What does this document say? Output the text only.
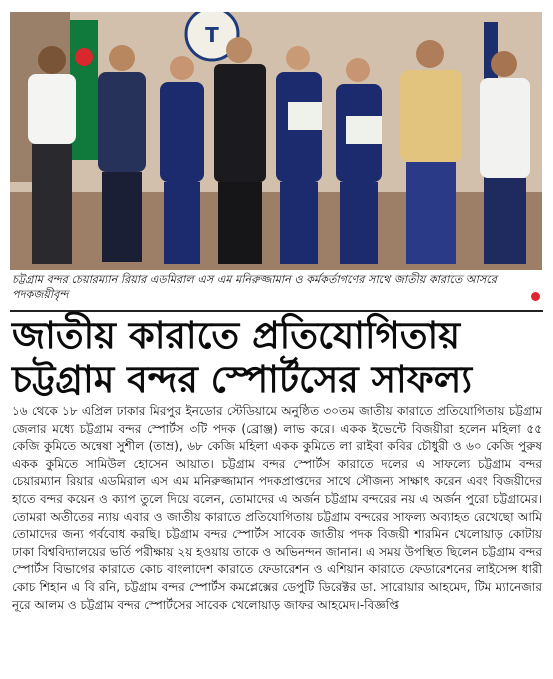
T
চট্টগ্রাম বন্দর চেয়ারম্যান রিয়ার এডমিরাল এস এম মনিরুজ্জামান ও কর্মকর্তাগণের সাথে জাতীয় কারাতে আসরে পদকজয়ীবৃন্দ
জাতীয় কারাতে প্রতিযোগিতায়
চট্টগ্রাম বন্দর স্পোর্টসের সাফল্য
১৬ থেকে ১৮ এপ্রিল ঢাকার মিরপুর ইনডোর স্টেডিয়ামে অনুষ্ঠিত ৩০তম জাতীয় কারাতে প্রতিযোগিতায় চট্টগ্রাম জেলার মধ্যে চট্টগ্রাম বন্দর স্পোর্টস ৩টি পদক (ব্রোঞ্জ) লাভ করে। একক ইভেন্টে বিজয়ীরা হলেন মহিলা ৫৫ কেজি কুমিতে অন্বেষা সুশীল (তাম্র), ৬৮ কেজি মহিলা একক কুমিতে লা রাইবা কবির চৌধুরী ও ৬০ কেজি পুরুষ একক কুমিতে সামিউল হোসেন আয়াত। চট্টগ্রাম বন্দর স্পোর্টস কারাতে দলের এ সাফল্যে চট্টগ্রাম বন্দর চেয়ারম্যান রিয়ার এডমিরাল এস এম মনিরুজ্জামান পদকপ্রাপ্তদের সাথে সৌজন্য সাক্ষাৎ করেন এবং বিজয়ীদের হাতে বন্দর কয়েন ও ক্যাপ তুলে দিয়ে বলেন, তোমাদের এ অর্জন চট্টগ্রাম বন্দরের নয় এ অর্জন পুরো চট্টগ্রামের। তোমরা অতীতের ন্যায় এবার ও জাতীয় কারাতে প্রতিযোগিতায় চট্টগ্রাম বন্দরের সাফল্য অব্যাহত রেখেছো আমি তোমাদের জন্য গর্ববোধ করছি। চট্টগ্রাম বন্দর স্পোর্টস সাবেক জাতীয় পদক বিজয়ী শারমিন খেলোয়াড় কোটায় ঢাকা বিশ্ববিদ্যালয়ের ভর্তি পরীক্ষায় ২য় হওয়ায় তাকে ও অভিনন্দন জানান। এ সময় উপস্থিত ছিলেন চট্টগ্রাম বন্দর স্পোর্টস বিভাগের কারাতে কোচ বাংলাদেশ কারাতে ফেডারেশন ও এশিয়ান কারাতে ফেডারেশনের লাইসেন্স ধারী কোচ শিহান এ বি রনি, চট্টগ্রাম বন্দর স্পোর্টস কমপ্লেক্সের ডেপুটি ডিরেক্টর ডা. সারোয়ার আহমেদ, টিম ম্যানেজার নূরে আলম ও চট্টগ্রাম বন্দর স্পোর্টসের সাবেক খেলোয়াড় জাফর আহমেদ।-বিজ্ঞপ্তি
